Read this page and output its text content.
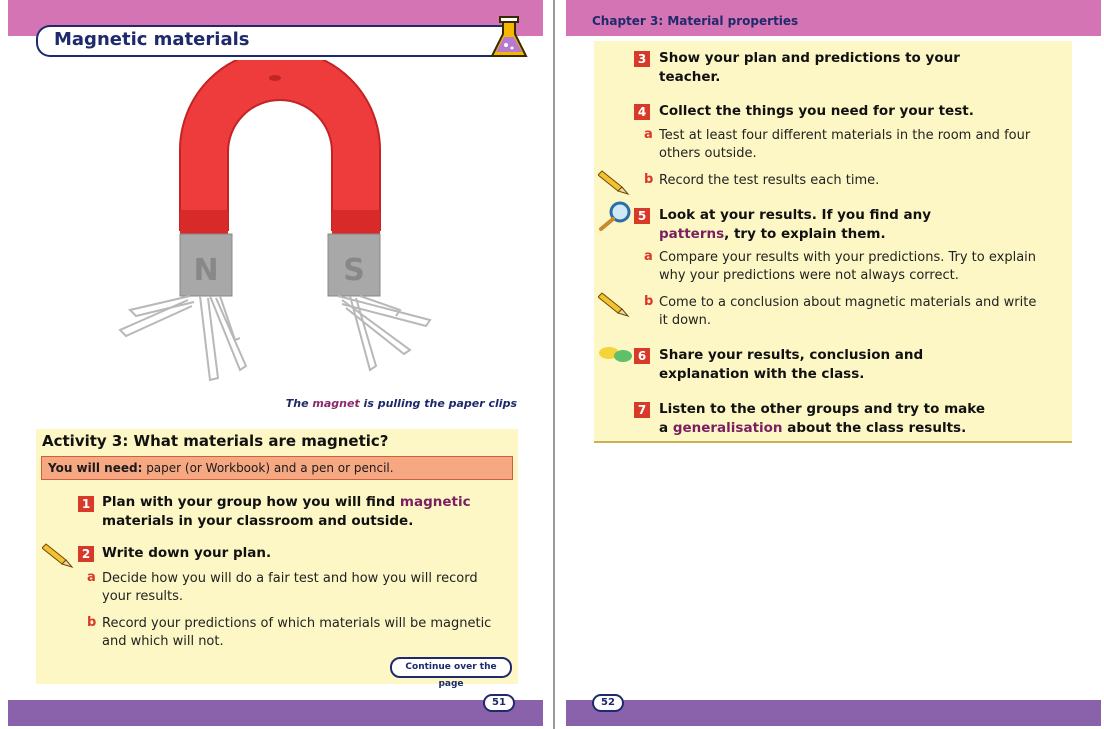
Magnetic materials
N	S
The magnet is pulling the paper clips
Activity 3: What materials are magnetic?
You will need: paper (or Workbook) and a pen or pencil.
1 Plan with your group how you will find magnetic
materials in your classroom and outside.
2 Write down your plan.
a Decide how you will do a fair test and how you will record
your results.
b Record your predictions of which materials will be magnetic
and which will not.
Continue over the page
51
Chapter 3: Material properties
3 Show your plan and predictions to your
teacher.
4 Collect the things you need for your test.
a Test at least four different materials in the room and four
others outside.
b Record the test results each time.
5 Look at your results. If you find any
patterns, try to explain them.
a Compare your results with your predictions. Try to explain
why your predictions were not always correct.
b Come to a conclusion about magnetic materials and write
it down.
6 Share your results, conclusion and
explanation with the class.
7 Listen to the other groups and try to make
a generalisation about the class results.
52
